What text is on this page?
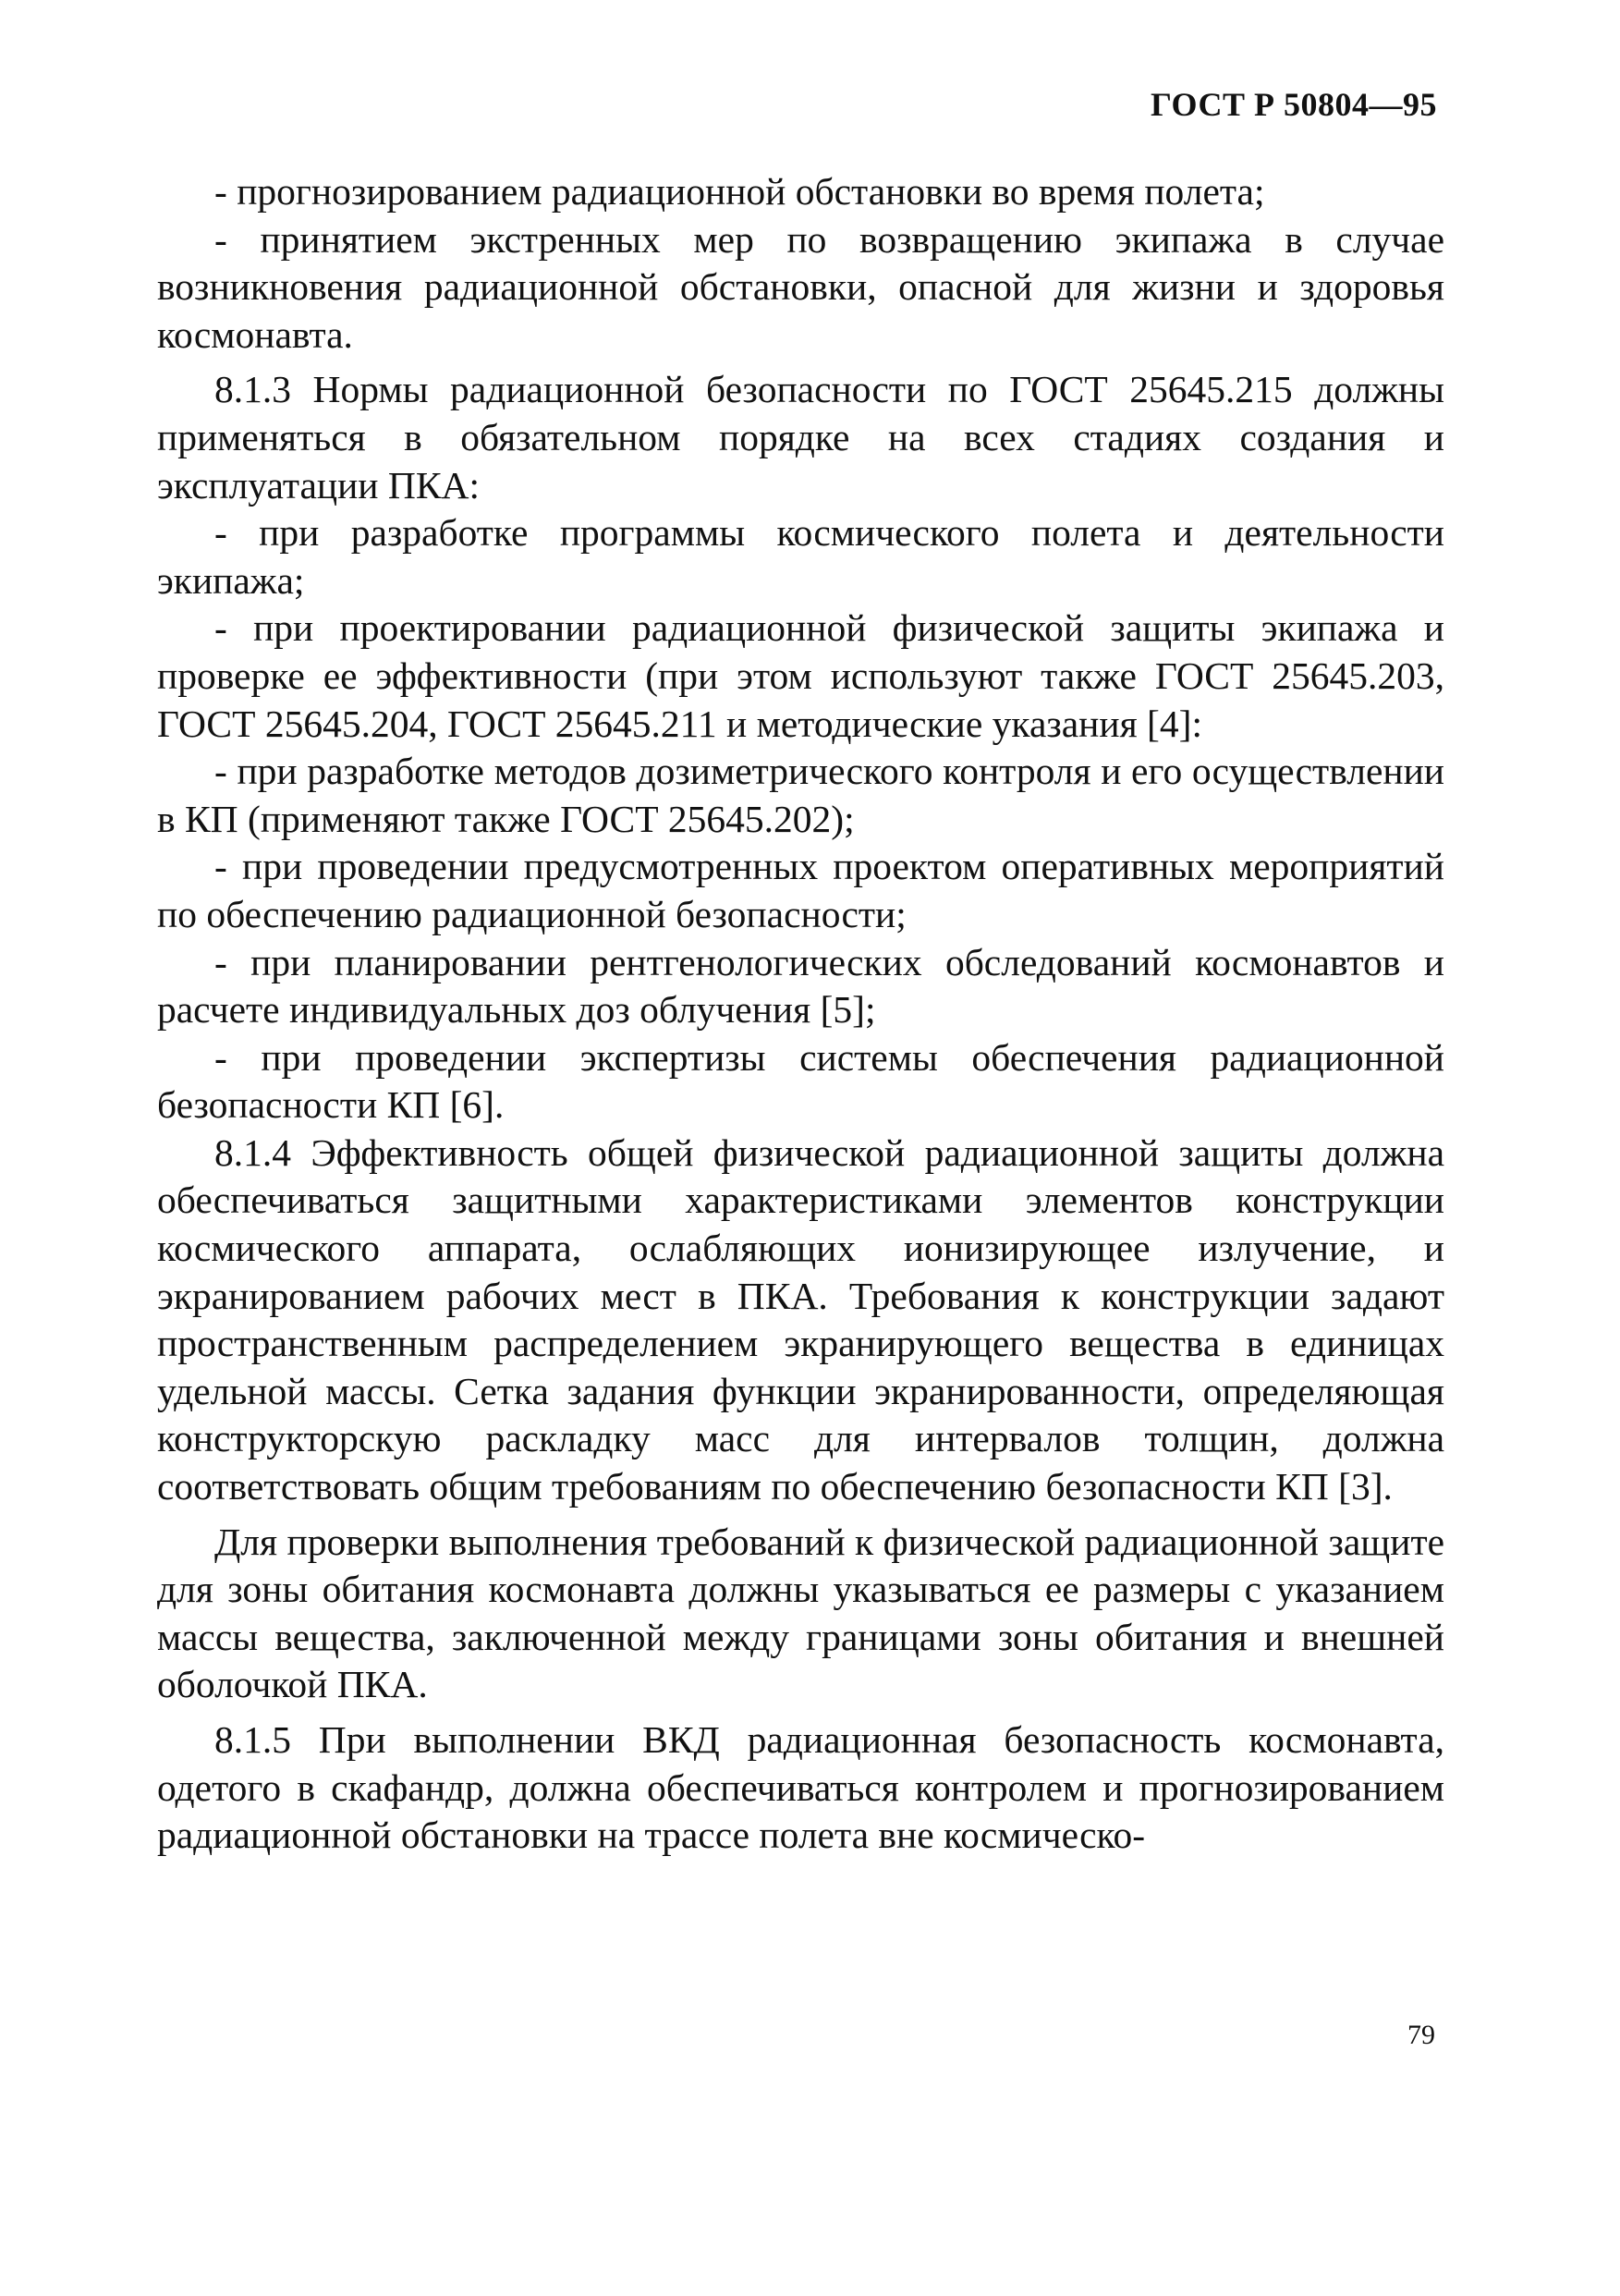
ГОСТ Р 50804—95

- прогнозированием радиационной обстановки во время полета;

- принятием экстренных мер по возвращению экипажа в случае возникновения радиационной обстановки, опасной для жизни и здоровья космонавта.

8.1.3 Нормы радиационной безопасности по ГОСТ 25645.215 должны применяться в обязательном порядке на всех стадиях создания и эксплуатации ПКА:

- при разработке программы космического полета и деятельности экипажа;

- при проектировании радиационной физической защиты экипажа и проверке ее эффективности (при этом используют также ГОСТ 25645.203, ГОСТ 25645.204, ГОСТ 25645.211 и методические указания [4]:

- при разработке методов дозиметрического контроля и его осуществлении в КП (применяют также ГОСТ 25645.202);

- при проведении предусмотренных проектом оперативных мероприятий по обеспечению радиационной безопасности;

- при планировании рентгенологических обследований космонавтов и расчете индивидуальных доз облучения [5];

- при проведении экспертизы системы обеспечения радиационной безопасности КП [6].

8.1.4 Эффективность общей физической радиационной защиты должна обеспечиваться защитными характеристиками элементов конструкции космического аппарата, ослабляющих ионизирующее излучение, и экранированием рабочих мест в ПКА. Требования к конструкции задают пространственным распределением экранирующего вещества в единицах удельной массы. Сетка задания функции экранированности, определяющая конструкторскую раскладку масс для интервалов толщин, должна соответствовать общим требованиям по обеспечению безопасности КП [3].

Для проверки выполнения требований к физической радиационной защите для зоны обитания космонавта должны указываться ее размеры с указанием массы вещества, заключенной между границами зоны обитания и внешней оболочкой ПКА.

8.1.5 При выполнении ВКД радиационная безопасность космонавта, одетого в скафандр, должна обеспечиваться контролем и прогнозированием радиационной обстановки на трассе полета вне космическо-

79
